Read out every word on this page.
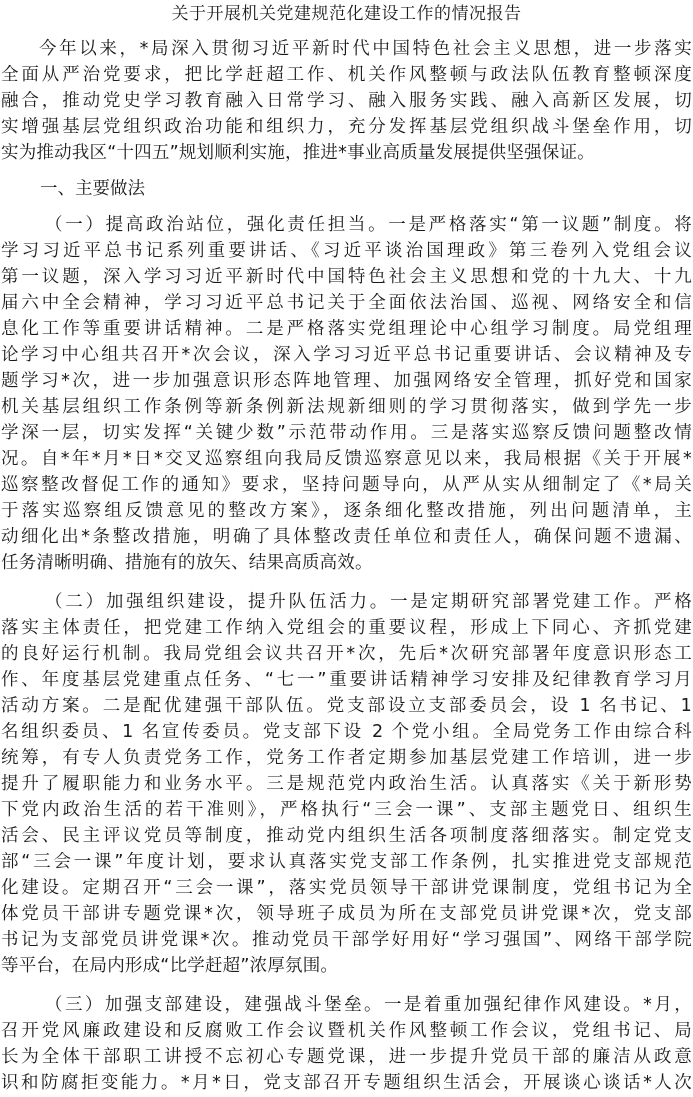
关于开展机关党建规范化建设工作的情况报告
今年以来，*局深入贯彻习近平新时代中国特色社会主义思想，进一步落实
全面从严治党要求，把比学赶超工作、机关作风整顿与政法队伍教育整顿深度
融合，推动党史学习教育融入日常学习、融入服务实践、融入高新区发展，切
实增强基层党组织政治功能和组织力，充分发挥基层党组织战斗堡垒作用，切
实为推动我区“十四五”规划顺利实施，推进*事业高质量发展提供坚强保证。
一、主要做法
（一）提高政治站位，强化责任担当。一是严格落实“第一议题”制度。将
学习习近平总书记系列重要讲话、《习近平谈治国理政》第三卷列入党组会议
第一议题，深入学习习近平新时代中国特色社会主义思想和党的十九大、十九
届六中全会精神，学习习近平总书记关于全面依法治国、巡视、网络安全和信
息化工作等重要讲话精神。二是严格落实党组理论中心组学习制度。局党组理
论学习中心组共召开*次会议，深入学习习近平总书记重要讲话、会议精神及专
题学习*次，进一步加强意识形态阵地管理、加强网络安全管理，抓好党和国家
机关基层组织工作条例等新条例新法规新细则的学习贯彻落实，做到学先一步
学深一层，切实发挥“关键少数”示范带动作用。三是落实巡察反馈问题整改情
况。自*年*月*日*交叉巡察组向我局反馈巡察意见以来，我局根据《关于开展*
巡察整改督促工作的通知》要求，坚持问题导向，从严从实从细制定了《*局关
于落实巡察组反馈意见的整改方案》，逐条细化整改措施，列出问题清单，主
动细化出*条整改措施，明确了具体整改责任单位和责任人，确保问题不遗漏、
任务清晰明确、措施有的放矢、结果高质高效。
（二）加强组织建设，提升队伍活力。一是定期研究部署党建工作。严格
落实主体责任，把党建工作纳入党组会的重要议程，形成上下同心、齐抓党建
的良好运行机制。我局党组会议共召开*次，先后*次研究部署年度意识形态工
作、年度基层党建重点任务、“七一”重要讲话精神学习安排及纪律教育学习月
活动方案。二是配优建强干部队伍。党支部设立支部委员会，设 1 名书记、1
名组织委员、1 名宣传委员。党支部下设 2 个党小组。全局党务工作由综合科
统筹，有专人负责党务工作，党务工作者定期参加基层党建工作培训，进一步
提升了履职能力和业务水平。三是规范党内政治生活。认真落实《关于新形势
下党内政治生活的若干准则》，严格执行“三会一课”、支部主题党日、组织生
活会、民主评议党员等制度，推动党内组织生活各项制度落细落实。制定党支
部“三会一课”年度计划，要求认真落实党支部工作条例，扎实推进党支部规范
化建设。定期召开“三会一课”，落实党员领导干部讲党课制度，党组书记为全
体党员干部讲专题党课*次，领导班子成员为所在支部党员讲党课*次，党支部
书记为支部党员讲党课*次。推动党员干部学好用好“学习强国”、网络干部学院
等平台，在局内形成“比学赶超”浓厚氛围。
（三）加强支部建设，建强战斗堡垒。一是着重加强纪律作风建设。*月，
召开党风廉政建设和反腐败工作会议暨机关作风整顿工作会议，党组书记、局
长为全体干部职工讲授不忘初心专题党课，进一步提升党员干部的廉洁从政意
识和防腐拒变能力。*月*日，党支部召开专题组织生活会，开展谈心谈话*人次
